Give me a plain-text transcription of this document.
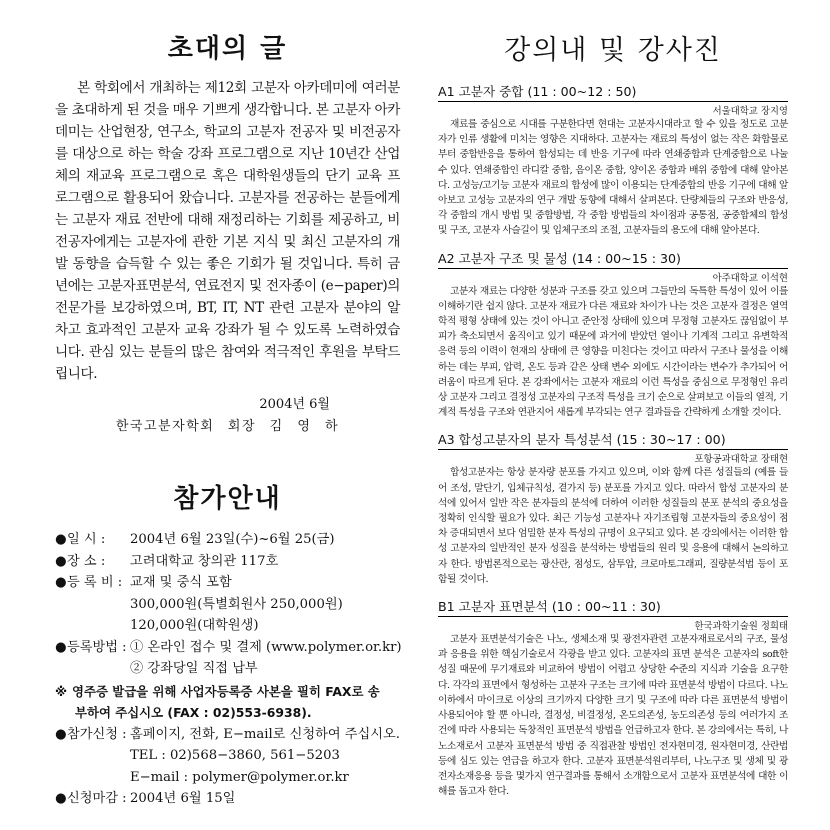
초대의 글

본 학회에서 개최하는 제12회 고분자 아카데미에 여러분을 초대하게 된 것을 매우 기쁘게 생각합니다. 본 고분자 아카데미는 산업현장, 연구소, 학교의 고분자 전공자 및 비전공자를 대상으로 하는 학술 강좌 프로그램으로 지난 10년간 산업체의 재교육 프로그램으로 혹은 대학원생들의 단기 교육 프로그램으로 활용되어 왔습니다. 고분자를 전공하는 분들에게는 고분자 재료 전반에 대해 재정리하는 기회를 제공하고, 비전공자에게는 고분자에 관한 기본 지식 및 최신 고분자의 개발 동향을 습득할 수 있는 좋은 기회가 될 것입니다. 특히 금년에는 고분자표면분석, 연료전지 및 전자종이 (e−paper)의 전문가를 보강하였으며, BT, IT, NT 관련 고분자 분야의 알차고 효과적인 고분자 교육 강좌가 될 수 있도록 노력하였습니다. 관심 있는 분들의 많은 참여와 적극적인 후원을 부탁드립니다.

2004년 6월
한국고분자학회 회장 김 영 하
참가안내
●일 시 :	2004년 6월 23일(수)~6월 25(금)
●장 소 :	고려대학교 창의관 117호
●등 록 비 : 교재 및 중식 포함
300,000원(특별회원사 250,000원)
120,000원(대학원생)
●등록방법 : ① 온라인 접수 및 결제 (www.polymer.or.kr)
② 강좌당일 직접 납부
※ 영주증 발급을 위해 사업자등록증 사본을 필히 FAX로 송
부하여 주십시오 (FAX : 02)553-6938).
●참가신청 : 홈페이지, 전화, E−mail로 신청하여 주십시오.
TEL : 02)568−3860, 561−5203
E−mail : polymer@polymer.or.kr
●신청마감 : 2004년 6월 15일
강의내 및 강사진
A1 고분자 중합 (11 : 00~12 : 50)
서울대학교 장지영

재료를 중심으로 시대를 구분한다면 현대는 고분자시대라고 할 수 있을 정도로 고분자가 인류 생활에 미치는 영향은 지대하다. 고분자는 재료의 특성이 없는 작은 화합물로부터 중합반응을 통하여 합성되는 데 반응 기구에 따라 연쇄중합과 단계중합으로 나눌 수 있다. 연쇄중합인 라디칼 중합, 음이온 중합, 양이온 중합과 배위 중합에 대해 알아본다. 고성능/고기능 고분자 재료의 합성에 많이 이용되는 단계중합의 반응 기구에 대해 알아보고 고성능 고분자의 연구 개발 동향에 대해서 살펴본다. 단량체들의 구조와 반응성, 각 중합의 개시 방법 및 중합방법, 각 중합 방법들의 차이점과 공통점, 공중합체의 합성 및 구조, 고분자 사슬길이 및 입체구조의 조절, 고분자들의 용도에 대해 알아본다.

A2 고분자 구조 및 물성 (14 : 00~15 : 30)
아주대학교 이석현

고분자 재료는 다양한 성분과 구조를 갖고 있으며 그들만의 독특한 특성이 있어 이를 이해하기란 쉽지 않다. 고분자 재료가 다른 재료와 차이가 나는 것은 고분자 결정은 열역학적 평형 상태에 있는 것이 아니고 준안정 상태에 있으며 무정형 고분자도 끊임없이 부피가 축소되면서 움직이고 있기 때문에 과거에 받았던 열이나 기계적 그리고 유변학적 응력 등의 이력이 현재의 상태에 큰 영향을 미친다는 것이고 따라서 구조나 물성을 이해하는 데는 부피, 압력, 온도 등과 같은 상태 변수 외에도 시간이라는 변수가 추가되어 어려움이 따르게 된다. 본 강좌에서는 고분자 재료의 이런 특성을 중심으로 무정형인 유리상 고분자 그리고 결정성 고분자의 구조적 특성을 크기 순으로 살펴보고 이들의 열적, 기계적 특성을 구조와 연관지어 새롭게 부각되는 연구 결과들을 간략하게 소개할 것이다.

A3 합성고분자의 분자 특성분석 (15 : 30~17 : 00)
포항공과대학교 장태현

합성고분자는 항상 분자량 분포를 가지고 있으며, 이와 함께 다른 성질들의 (예를 들어 조성, 말단기, 입체규칙성, 곁가지 등) 분포를 가지고 있다. 따라서 합성 고분자의 분석에 있어서 일반 작은 분자들의 분석에 더하여 이러한 성질들의 분포 분석의 중요성을 정확히 인식할 필요가 있다. 최근 기능성 고분자나 자기조립형 고분자들의 중요성이 점차 증대되면서 보다 엄밀한 분자 특성의 규명이 요구되고 있다. 본 강의에서는 이러한 합성 고분자의 일반적인 분자 성질을 분석하는 방법들의 원리 및 응용에 대해서 논의하고자 한다. 방법론적으로는 광산란, 점성도, 삼투압, 크로마토그래피, 질량분석법 등이 포함될 것이다.

B1 고분자 표면분석 (10 : 00~11 : 30)
한국과학기술원 정희태

고분자 표면분석기술은 나노, 생체소재 및 광전자관련 고분자재료로서의 구조, 물성과 응용을 위한 핵심기술로서 각광을 받고 있다. 고분자의 표면 분석은 고분자의 soft한 성질 때문에 무기재료와 비교하여 방법이 어렵고 상당한 수준의 지식과 기술을 요구한다. 각각의 표면에서 형성하는 고분자 구조는 크기에 따라 표면분석 방법이 다르다. 나노이하에서 마이크로 이상의 크기까지 다양한 크기 및 구조에 따라 다른 표면분석 방법이 사용되어야 할 뿐 아니라, 결정성, 비결정성, 온도의존성, 농도의존성 등의 여러가지 조건에 따라 사용되는 독창적인 표면분석 방법을 언급하고자 한다. 본 강의에서는 특히, 나노소재로서 고분자 표면분석 방법 중 직접관찰 방법인 전자현미경, 원자현미경, 산란법 등에 심도 있는 연급을 하고자 한다. 고분자 표면분석원리부터, 나노구조 및 생체 및 광전자소재응용 등을 몇가지 연구결과를 통해서 소개함으로서 고분자 표면분석에 대한 이해를 돕고자 한다.
